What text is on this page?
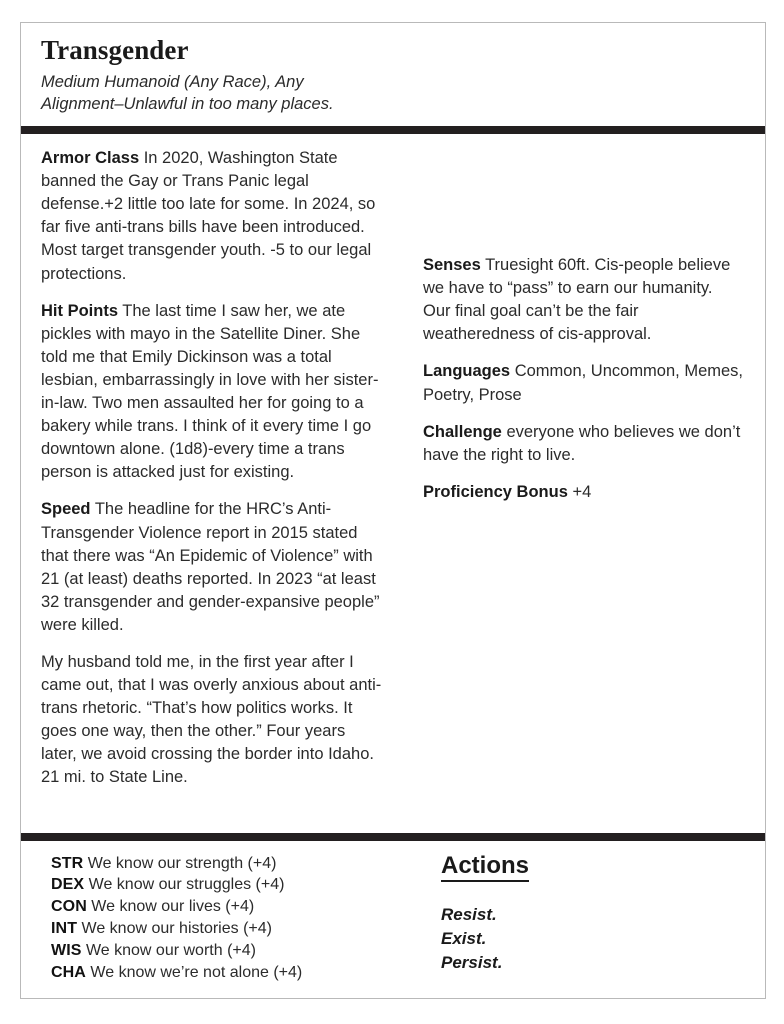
Transgender

Medium Humanoid (Any Race), Any Alignment–Unlawful in too many places.

Armor Class In 2020, Washington State banned the Gay or Trans Panic legal defense.+2 little too late for some. In 2024, so far five anti-trans bills have been introduced. Most target transgender youth. -5 to our legal protections.

Hit Points The last time I saw her, we ate pickles with mayo in the Satellite Diner. She told me that Emily Dickinson was a total lesbian, embarrassingly in love with her sister-in-law. Two men assaulted her for going to a bakery while trans. I think of it every time I go downtown alone. (1d8)-every time a trans person is attacked just for existing.

Speed The headline for the HRC’s Anti-Transgender Violence report in 2015 stated that there was “An Epidemic of Violence” with 21 (at least) deaths reported. In 2023 “at least 32 transgender and gender-expansive people” were killed.

My husband told me, in the first year after I came out, that I was overly anxious about anti-trans rhetoric. “That’s how politics works. It goes one way, then the other.” Four years later, we avoid crossing the border into Idaho. 21 mi. to State Line.

Senses Truesight 60ft. Cis-people believe we have to “pass” to earn our humanity. Our final goal can’t be the fair weatheredness of cis-approval.

Languages Common, Uncommon, Memes, Poetry, Prose

Challenge everyone who believes we don’t have the right to live.

Proficiency Bonus +4

STR We know our strength (+4)
DEX We know our struggles (+4)
CON We know our lives (+4)
INT We know our histories (+4)
WIS We know our worth (+4)
CHA We know we’re not alone (+4)
Actions
Resist.
Exist.
Persist.
